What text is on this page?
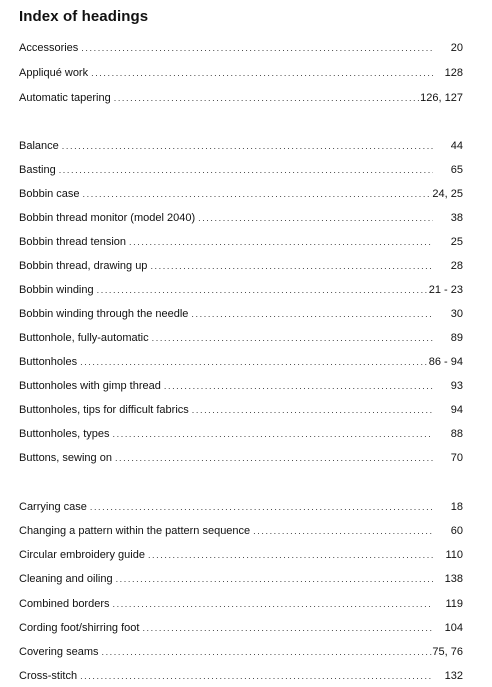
Index of headings
Accessories .....	20
Appliqué work .....	128
Automatic tapering .....	126, 127
Balance .....	44
Basting .....	65
Bobbin case .....	24, 25
Bobbin thread monitor (model 2040) .....	38
Bobbin thread tension .....	25
Bobbin thread, drawing up .....	28
Bobbin winding .....	21 - 23
Bobbin winding through the needle .....	30
Buttonhole, fully-automatic .....	89
Buttonholes .....	86 - 94
Buttonholes with gimp thread .....	93
Buttonholes, tips for difficult fabrics .....	94
Buttonholes, types .....	88
Buttons, sewing on .....	70
Carrying case .....	18
Changing a pattern within the pattern sequence .....	60
Circular embroidery guide .....	110
Cleaning and oiling .....	138
Combined borders .....	119
Cording foot/shirring foot .....	104
Covering seams .....	75, 76
Cross-stitch .....	132
